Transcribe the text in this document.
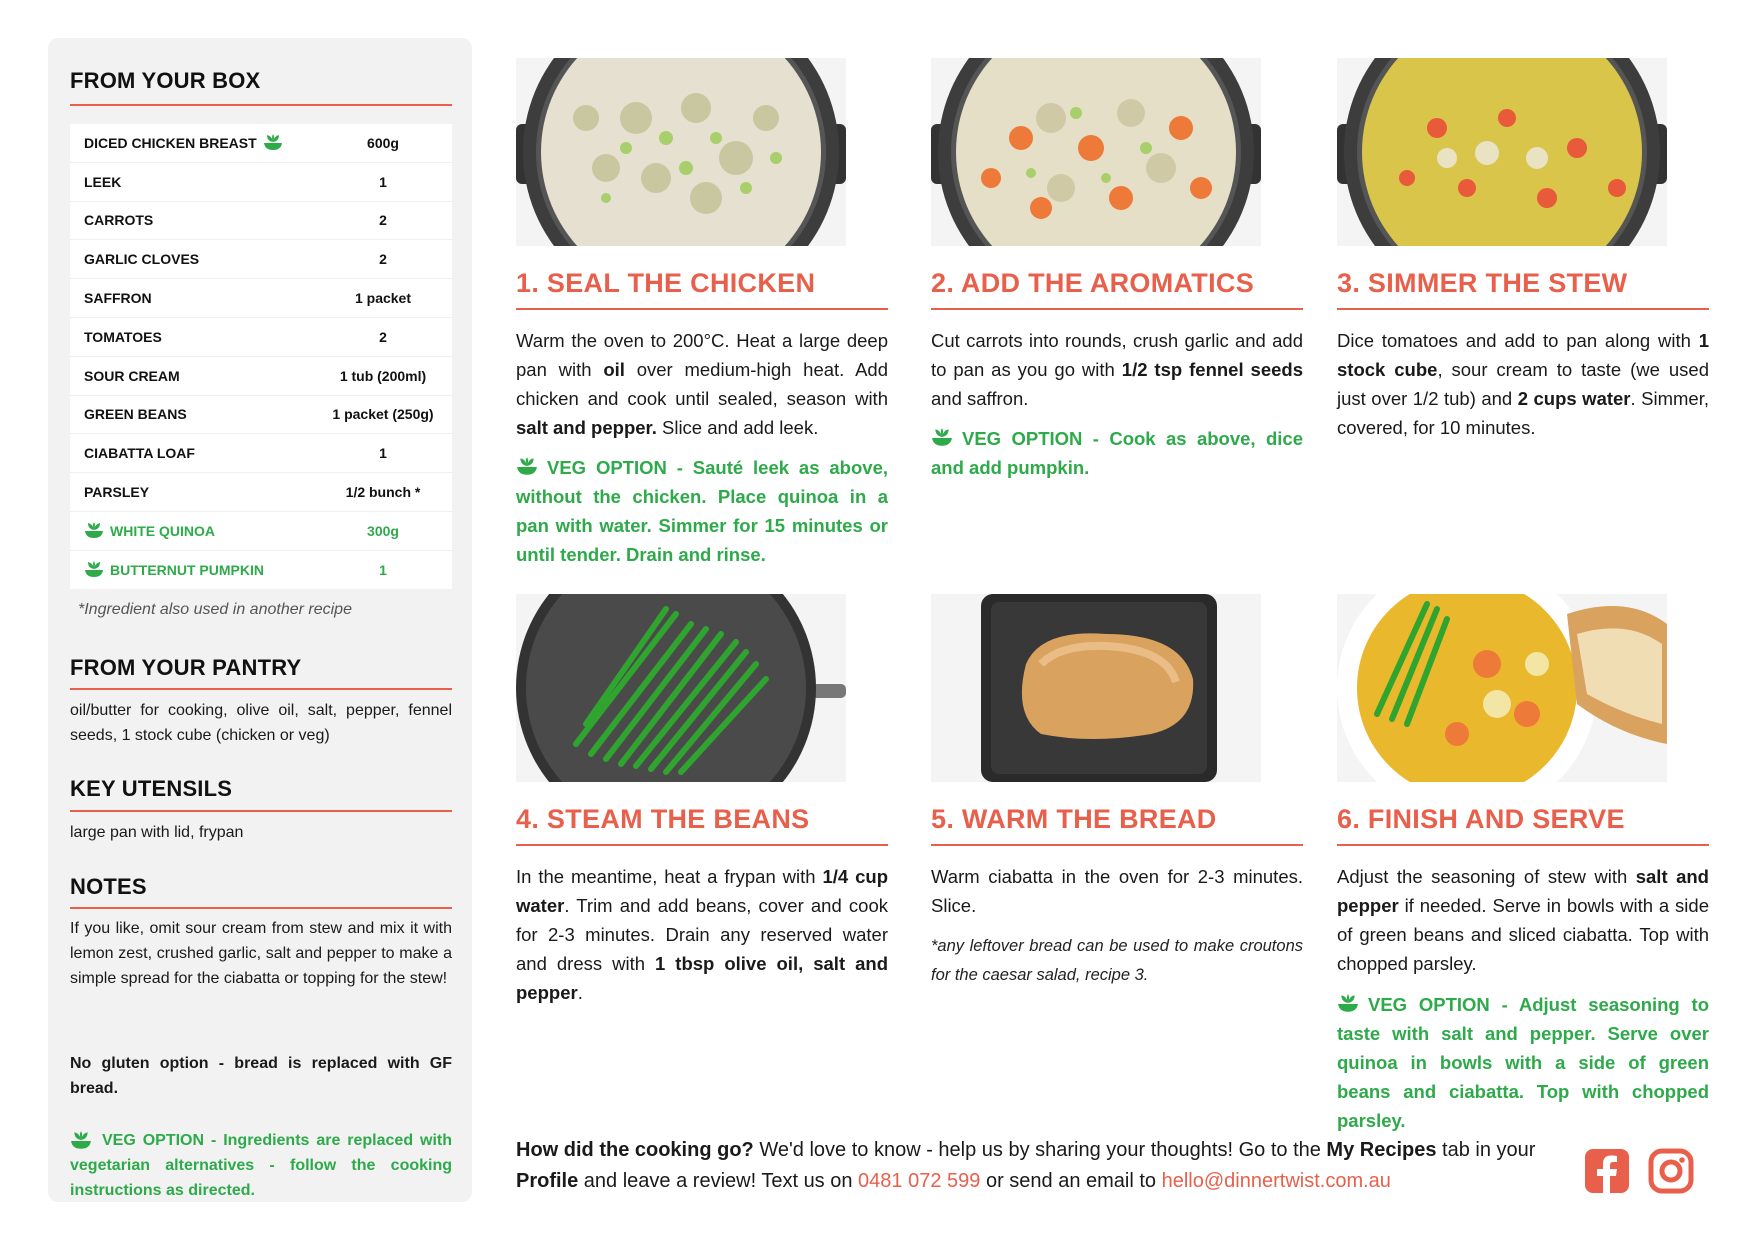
FROM YOUR BOX
DICED CHICKEN BREAST	600g
LEEK	1
CARROTS	2
GARLIC CLOVES	2
SAFFRON	1 packet
TOMATOES	2
SOUR CREAM	1 tub (200ml)
GREEN BEANS	1 packet (250g)
CIABATTA LOAF	1
PARSLEY	1/2 bunch *
WHITE QUINOA	300g
BUTTERNUT PUMPKIN	1
*Ingredient also used in another recipe
FROM YOUR PANTRY
oil/butter for cooking, olive oil, salt, pepper, fennel seeds, 1 stock cube (chicken or veg)
KEY UTENSILS
large pan with lid, frypan
NOTES
If you like, omit sour cream from stew and mix it with lemon zest, crushed garlic, salt and pepper to make a simple spread for the ciabatta or topping for the stew!
No gluten option - bread is replaced with GF bread.
VEG OPTION - Ingredients are replaced with vegetarian alternatives - follow the cooking instructions as directed.
1. SEAL THE CHICKEN
Warm the oven to 200°C. Heat a large deep pan with oil over medium-high heat. Add chicken and cook until sealed, season with salt and pepper. Slice and add leek.
VEG OPTION - Sauté leek as above, without the chicken. Place quinoa in a pan with water. Simmer for 15 minutes or until tender. Drain and rinse.
2. ADD THE AROMATICS
Cut carrots into rounds, crush garlic and add to pan as you go with 1/2 tsp fennel seeds and saffron.
VEG OPTION - Cook as above, dice and add pumpkin.
3. SIMMER THE STEW
Dice tomatoes and add to pan along with 1 stock cube, sour cream to taste (we used just over 1/2 tub) and 2 cups water. Simmer, covered, for 10 minutes.
4. STEAM THE BEANS
In the meantime, heat a frypan with 1/4 cup water. Trim and add beans, cover and cook for 2-3 minutes. Drain any reserved water and dress with 1 tbsp olive oil, salt and pepper.
5. WARM THE BREAD
Warm ciabatta in the oven for 2-3 minutes. Slice.
*any leftover bread can be used to make croutons for the caesar salad, recipe 3.
6. FINISH AND SERVE
Adjust the seasoning of stew with salt and pepper if needed. Serve in bowls with a side of green beans and sliced ciabatta. Top with chopped parsley.
VEG OPTION - Adjust seasoning to taste with salt and pepper. Serve over quinoa in bowls with a side of green beans and ciabatta. Top with chopped parsley.
How did the cooking go? We'd love to know - help us by sharing your thoughts! Go to the My Recipes tab in your Profile and leave a review! Text us on 0481 072 599 or send an email to hello@dinnertwist.com.au
